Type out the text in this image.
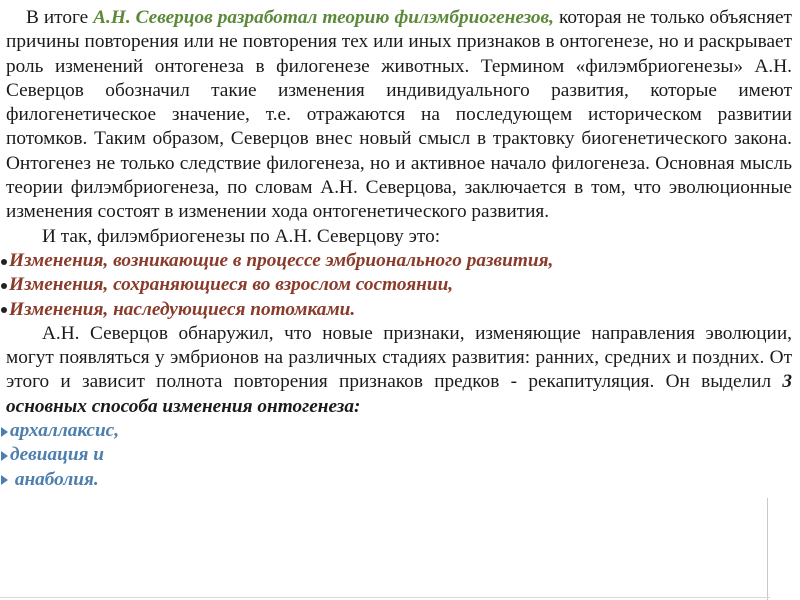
В итоге А.Н. Северцов разработал теорию филэмбриогенезов, которая не только объясняет причины повторения или не повторения тех или иных признаков в онтогенезе, но и раскрывает роль изменений онтогенеза в филогенезе животных. Термином «филэмбриогенезы» А.Н. Северцов обозначил такие изменения индивидуального развития, которые имеют филогенетическое значение, т.е. отражаются на последующем историческом развитии потомков. Таким образом, Северцов внес новый смысл в трактовку биогенетического закона. Онтогенез не только следствие филогенеза, но и активное начало филогенеза. Основная мысль теории филэмбриогенеза, по словам А.Н. Северцова, заключается в том, что эволюционные изменения состоят в изменении хода онтогенетического развития.

И так, филэмбриогенезы по А.Н. Северцову это:

Изменения, возникающие в процессе эмбрионального развития,
Изменения, сохраняющиеся во взрослом состоянии,
Изменения, наследующиеся потомками.

А.Н. Северцов обнаружил, что новые признаки, изменяющие направления эволюции, могут появляться у эмбрионов на различных стадиях развития: ранних, средних и поздних. От этого и зависит полнота повторения признаков предков - рекапитуляция. Он выделил 3 основных способа изменения онтогенеза:

архаллаксис,
девиация и
анаболия.
